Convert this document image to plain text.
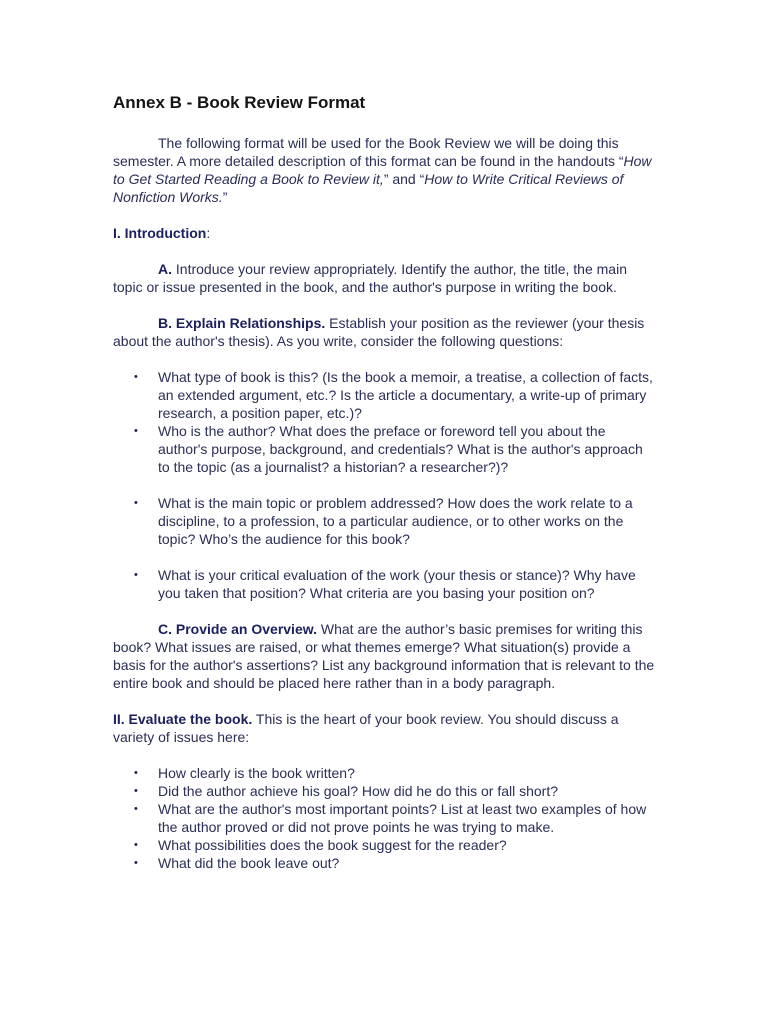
Annex B - Book Review Format

The following format will be used for the Book Review we will be doing this semester. A more detailed description of this format can be found in the handouts “How to Get Started Reading a Book to Review it,” and “How to Write Critical Reviews of Nonfiction Works.”

I. Introduction:

A. Introduce your review appropriately. Identify the author, the title, the main topic or issue presented in the book, and the author's purpose in writing the book.

B. Explain Relationships. Establish your position as the reviewer (your thesis about the author's thesis). As you write, consider the following questions:

• What type of book is this? (Is the book a memoir, a treatise, a collection of facts, an extended argument, etc.? Is the article a documentary, a write-up of primary research, a position paper, etc.)?
• Who is the author? What does the preface or foreword tell you about the author's purpose, background, and credentials? What is the author's approach to the topic (as a journalist? a historian? a researcher?)?
• What is the main topic or problem addressed? How does the work relate to a discipline, to a profession, to a particular audience, or to other works on the topic? Who’s the audience for this book?
• What is your critical evaluation of the work (your thesis or stance)? Why have you taken that position? What criteria are you basing your position on?

C. Provide an Overview. What are the author’s basic premises for writing this book? What issues are raised, or what themes emerge? What situation(s) provide a basis for the author's assertions? List any background information that is relevant to the entire book and should be placed here rather than in a body paragraph.

II. Evaluate the book. This is the heart of your book review. You should discuss a variety of issues here:

• How clearly is the book written?
• Did the author achieve his goal? How did he do this or fall short?
• What are the author's most important points? List at least two examples of how the author proved or did not prove points he was trying to make.
• What possibilities does the book suggest for the reader?
• What did the book leave out?
